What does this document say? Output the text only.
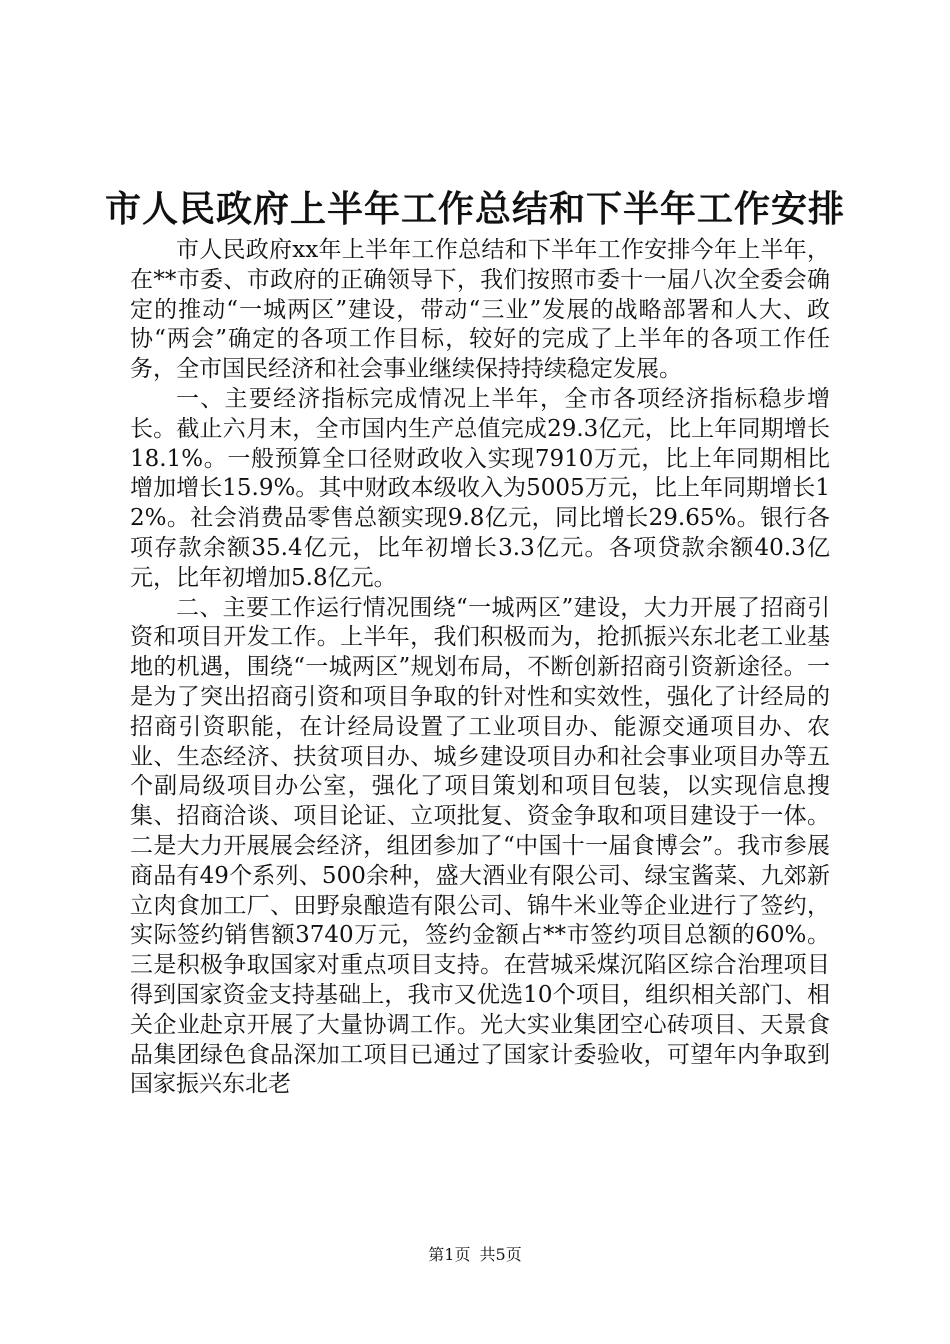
市人民政府上半年工作总结和下半年工作安排

市人民政府xx年上半年工作总结和下半年工作安排今年上半年，在**市委、市政府的正确领导下，我们按照市委十一届八次全委会确定的推动“一城两区”建设，带动“三业”发展的战略部署和人大、政协“两会”确定的各项工作目标，较好的完成了上半年的各项工作任务，全市国民经济和社会事业继续保持持续稳定发展。

一、主要经济指标完成情况上半年，全市各项经济指标稳步增长。截止六月末，全市国内生产总值完成29.3亿元，比上年同期增长18.1%。一般预算全口径财政收入实现7910万元，比上年同期相比增加增长15.9%。其中财政本级收入为5005万元，比上年同期增长12%。社会消费品零售总额实现9.8亿元，同比增长29.65%。银行各项存款余额35.4亿元，比年初增长3.3亿元。各项贷款余额40.3亿元，比年初增加5.8亿元。

二、主要工作运行情况围绕“一城两区”建设，大力开展了招商引资和项目开发工作。上半年，我们积极而为，抢抓振兴东北老工业基地的机遇，围绕“一城两区”规划布局，不断创新招商引资新途径。一是为了突出招商引资和项目争取的针对性和实效性，强化了计经局的招商引资职能，在计经局设置了工业项目办、能源交通项目办、农业、生态经济、扶贫项目办、城乡建设项目办和社会事业项目办等五个副局级项目办公室，强化了项目策划和项目包装，以实现信息搜集、招商洽谈、项目论证、立项批复、资金争取和项目建设于一体。二是大力开展展会经济，组团参加了“中国十一届食博会”。我市参展商品有49个系列、500余种，盛大酒业有限公司、绿宝酱菜、九郊新立肉食加工厂、田野泉酿造有限公司、锦牛米业等企业进行了签约，实际签约销售额3740万元，签约金额占**市签约项目总额的60%。三是积极争取国家对重点项目支持。在营城采煤沉陷区综合治理项目得到国家资金支持基础上，我市又优选10个项目，组织相关部门、相关企业赴京开展了大量协调工作。光大实业集团空心砖项目、天景食品集团绿色食品深加工项目已通过了国家计委验收，可望年内争取到国家振兴东北老

第1页 共5页
